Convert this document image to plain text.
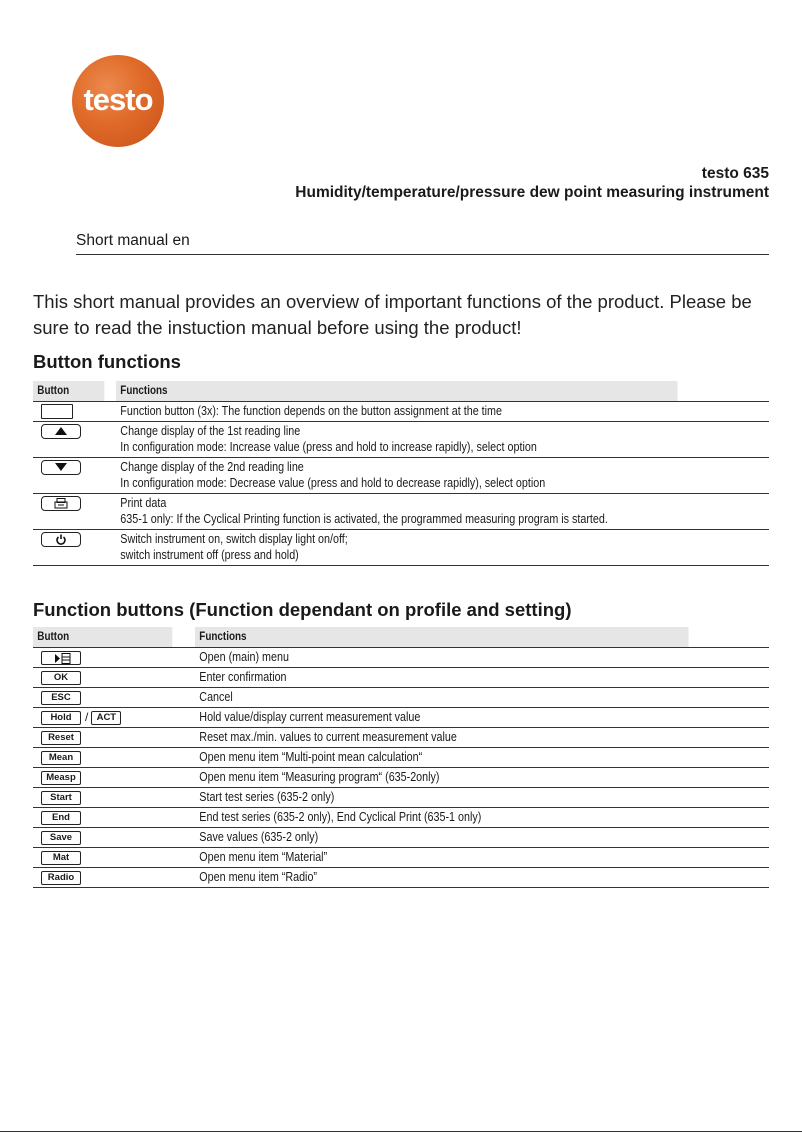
testo
testo 635
Humidity/temperature/pressure dew point measuring instrument
Short manual en
This short manual provides an overview of important functions of the product. Please be sure to read the instuction manual before using the product!
Button functions
Button	Functions

	Function button (3x): The function depends on the button assignment at the time

Change display of the 1st reading line
In configuration mode: Increase value (press and hold to increase rapidly), select option

Change display of the 2nd reading line
In configuration mode: Decrease value (press and hold to decrease rapidly), select option

Print data
635-1 only: If the Cyclical Printing function is activated, the programmed measuring program is started.

Switch instrument on, switch display light on/off;
switch instrument off (press and hold)
Function buttons (Function dependant on profile and setting)
Button	Functions

	Open (main) menu
OK	Enter confirmation
ESC	Cancel
Hold / ACT	Hold value/display current measurement value
Reset	Reset max./min. values to current measurement value
Mean	Open menu item “Multi-point mean calculation“
Measp	Open menu item “Measuring program“ (635-2only)
Start	Start test series (635-2 only)
End	End test series (635-2 only), End Cyclical Print (635-1 only)
Save	Save values (635-2 only)
Mat	Open menu item “Material”
Radio	Open menu item “Radio”
